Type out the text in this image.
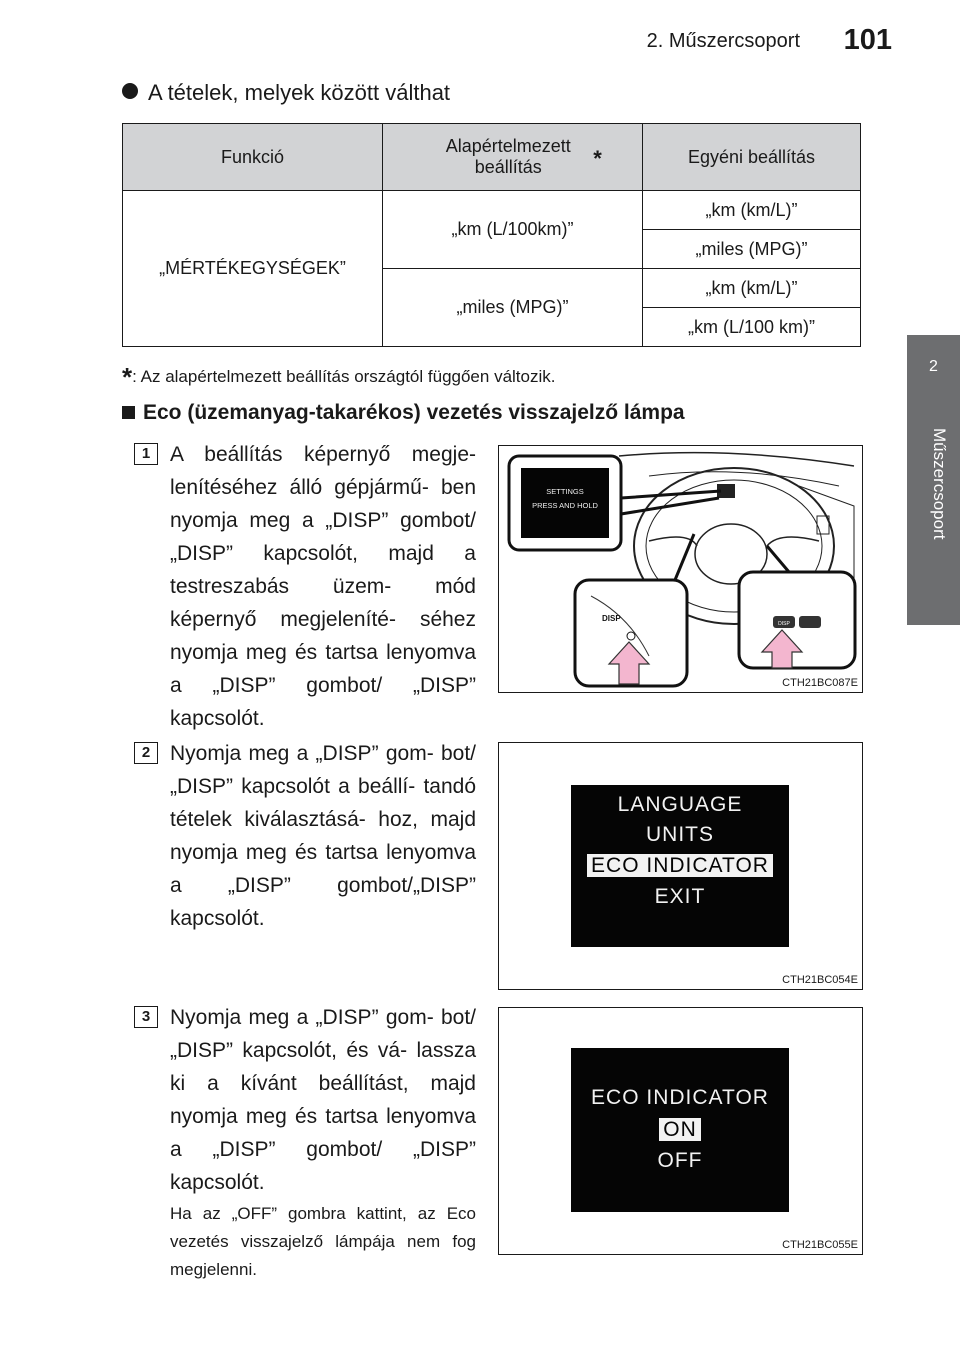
2. Műszercsoport	101
2
Műszercsoport
A tételek, melyek között válthat
Funkció	Alapértelmezett beállítás *	Egyéni beállítás
„MÉRTÉKEGYSÉGEK”	„km (L/100km)”	„km (km/L)”
		„miles (MPG)”
	„miles (MPG)”	„km (km/L)”
		„km (L/100 km)”
*: Az alapértelmezett beállítás országtól függően változik.
Eco (üzemanyag-takarékos) vezetés visszajelző lámpa
1 A beállítás képernyő megje- lenítéséhez álló gépjármű- ben nyomja meg a „DISP” gombot/„DISP” kapcsolót, majd a testreszabás üzem- mód képernyő megjeleníté- séhez nyomja meg és tartsa lenyomva a „DISP” gombot/ „DISP” kapcsolót.
SETTINGS
PRESS AND HOLD
DISP
DISP
CTH21BC087E
2 Nyomja meg a „DISP” gom- bot/„DISP” kapcsolót a beállí- tandó tételek kiválasztásá- hoz, majd nyomja meg és tartsa lenyomva a „DISP” gombot/„DISP” kapcsolót.
LANGUAGE
UNITS
ECO INDICATOR
EXIT
CTH21BC054E
3 Nyomja meg a „DISP” gom- bot/„DISP” kapcsolót, és vá- lassza ki a kívánt beállítást, majd nyomja meg és tartsa lenyomva a „DISP” gombot/ „DISP” kapcsolót.
Ha az „OFF” gombra kattint, az Eco vezetés visszajelző lámpája nem fog megjelenni.
ECO INDICATOR
ON
OFF
CTH21BC055E
